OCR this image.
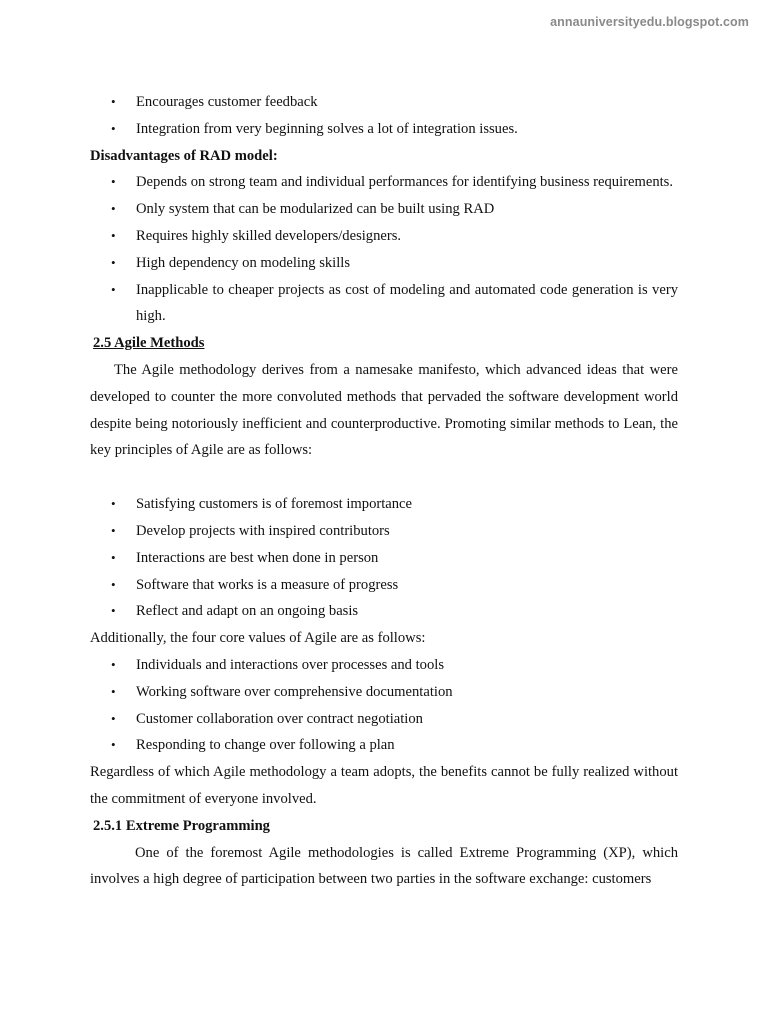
annauniversityedu.blogspot.com
• Encourages customer feedback
• Integration from very beginning solves a lot of integration issues.

Disadvantages of RAD model:

• Depends on strong team and individual performances for identifying business requirements.
• Only system that can be modularized can be built using RAD
• Requires highly skilled developers/designers.
• High dependency on modeling skills
• Inapplicable to cheaper projects as cost of modeling and automated code generation is very high.

2.5 Agile Methods

The Agile methodology derives from a namesake manifesto, which advanced ideas that were developed to counter the more convoluted methods that pervaded the software development world despite being notoriously inefficient and counterproductive. Promoting similar methods to Lean, the key principles of Agile are as follows:

• Satisfying customers is of foremost importance
• Develop projects with inspired contributors
• Interactions are best when done in person
• Software that works is a measure of progress
• Reflect and adapt on an ongoing basis

Additionally, the four core values of Agile are as follows:

• Individuals and interactions over processes and tools
• Working software over comprehensive documentation
• Customer collaboration over contract negotiation
• Responding to change over following a plan

Regardless of which Agile methodology a team adopts, the benefits cannot be fully realized without the commitment of everyone involved.

2.5.1 Extreme Programming

One of the foremost Agile methodologies is called Extreme Programming (XP), which involves a high degree of participation between two parties in the software exchange: customers
